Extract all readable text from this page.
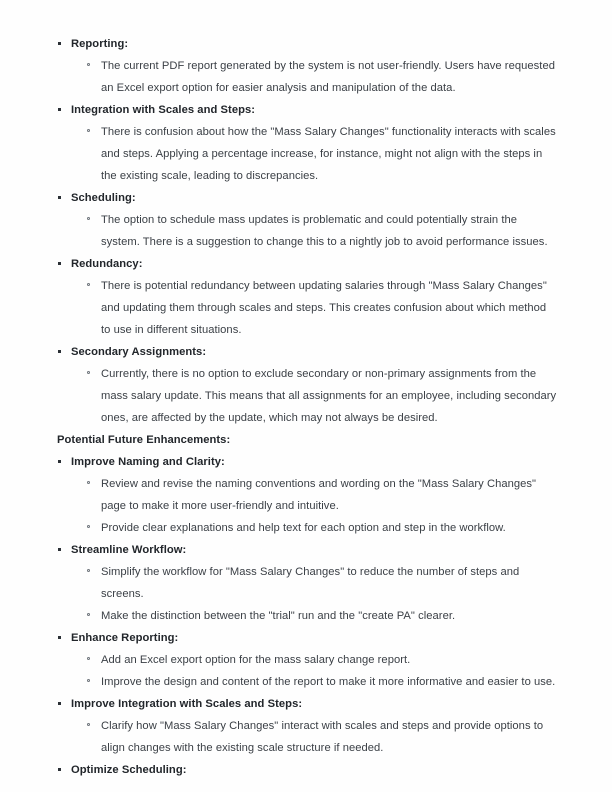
Reporting:
The current PDF report generated by the system is not user-friendly. Users have requested an Excel export option for easier analysis and manipulation of the data.
Integration with Scales and Steps:
There is confusion about how the "Mass Salary Changes" functionality interacts with scales and steps. Applying a percentage increase, for instance, might not align with the steps in the existing scale, leading to discrepancies.
Scheduling:
The option to schedule mass updates is problematic and could potentially strain the system. There is a suggestion to change this to a nightly job to avoid performance issues.
Redundancy:
There is potential redundancy between updating salaries through "Mass Salary Changes" and updating them through scales and steps. This creates confusion about which method to use in different situations.
Secondary Assignments:
Currently, there is no option to exclude secondary or non-primary assignments from the mass salary update. This means that all assignments for an employee, including secondary ones, are affected by the update, which may not always be desired.
Potential Future Enhancements:
Improve Naming and Clarity:
Review and revise the naming conventions and wording on the "Mass Salary Changes" page to make it more user-friendly and intuitive.
Provide clear explanations and help text for each option and step in the workflow.
Streamline Workflow:
Simplify the workflow for "Mass Salary Changes" to reduce the number of steps and screens.
Make the distinction between the "trial" run and the "create PA" clearer.
Enhance Reporting:
Add an Excel export option for the mass salary change report.
Improve the design and content of the report to make it more informative and easier to use.
Improve Integration with Scales and Steps:
Clarify how "Mass Salary Changes" interact with scales and steps and provide options to align changes with the existing scale structure if needed.
Optimize Scheduling:
